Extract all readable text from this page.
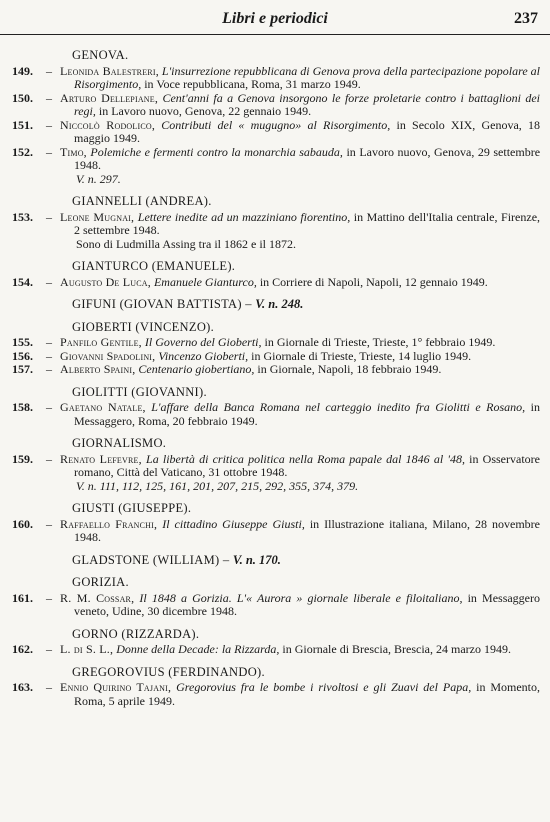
Libri e periodici	237
GENOVA.
149.	– Leonida Balestreri, L'insurrezione repubblicana di Genova prova della partecipazione popolare al Risorgimento, in Voce repubblicana, Roma, 31 marzo 1949.
150.	– Arturo Dellepiane, Cent'anni fa a Genova insorgono le forze proletarie contro i battaglioni dei regi, in Lavoro nuovo, Genova, 22 gennaio 1949.
151.	– Niccolò Rodolico, Contributi del « mugugno» al Risorgimento, in Secolo XIX, Genova, 18 maggio 1949.
152.	– Timo, Polemiche e fermenti contro la monarchia sabauda, in Lavoro nuovo, Genova, 29 settembre 1948.
V. n. 297.
GIANNELLI (ANDREA).
153.	– Leone Mugnai, Lettere inedite ad un mazziniano fiorentino, in Mattino dell'Italia centrale, Firenze, 2 settembre 1948.
Sono di Ludmilla Assing tra il 1862 e il 1872.
GIANTURCO (EMANUELE).
154.	– Augusto De Luca, Emanuele Gianturco, in Corriere di Napoli, Napoli, 12 gennaio 1949.
GIFUNI (GIOVAN BATTISTA) – V. n. 248.
GIOBERTI (VINCENZO).
155.	– Panfilo Gentile, Il Governo del Gioberti, in Giornale di Trieste, Trieste, 1° febbraio 1949.
156.	– Giovanni Spadolini, Vincenzo Gioberti, in Giornale di Trieste, Trieste, 14 luglio 1949.
157.	– Alberto Spaini, Centenario giobertiano, in Giornale, Napoli, 18 febbraio 1949.
GIOLITTI (GIOVANNI).
158.	– Gaetano Natale, L'affare della Banca Romana nel carteggio inedito fra Giolitti e Rosano, in Messaggero, Roma, 20 febbraio 1949.
GIORNALISMO.
159.	– Renato Lefevre, La libertà di critica politica nella Roma papale dal 1846 al '48, in Osservatore romano, Città del Vaticano, 31 ottobre 1948.
V. n. 111, 112, 125, 161, 201, 207, 215, 292, 355, 374, 379.
GIUSTI (GIUSEPPE).
160.	– Raffaello Franchi, Il cittadino Giuseppe Giusti, in Illustrazione italiana, Milano, 28 novembre 1948.
GLADSTONE (WILLIAM) – V. n. 170.
GORIZIA.
161.	– R. M. Cossar, Il 1848 a Gorizia. L'« Aurora » giornale liberale e filoitaliano, in Messaggero veneto, Udine, 30 dicembre 1948.
GORNO (RIZZARDA).
162.	– L. di S. L., Donne della Decade: la Rizzarda, in Giornale di Brescia, Brescia, 24 marzo 1949.
GREGOROVIUS (FERDINANDO).
163.	– Ennio Quirino Tajani, Gregorovius fra le bombe i rivoltosi e gli Zuavi del Papa, in Momento, Roma, 5 aprile 1949.
